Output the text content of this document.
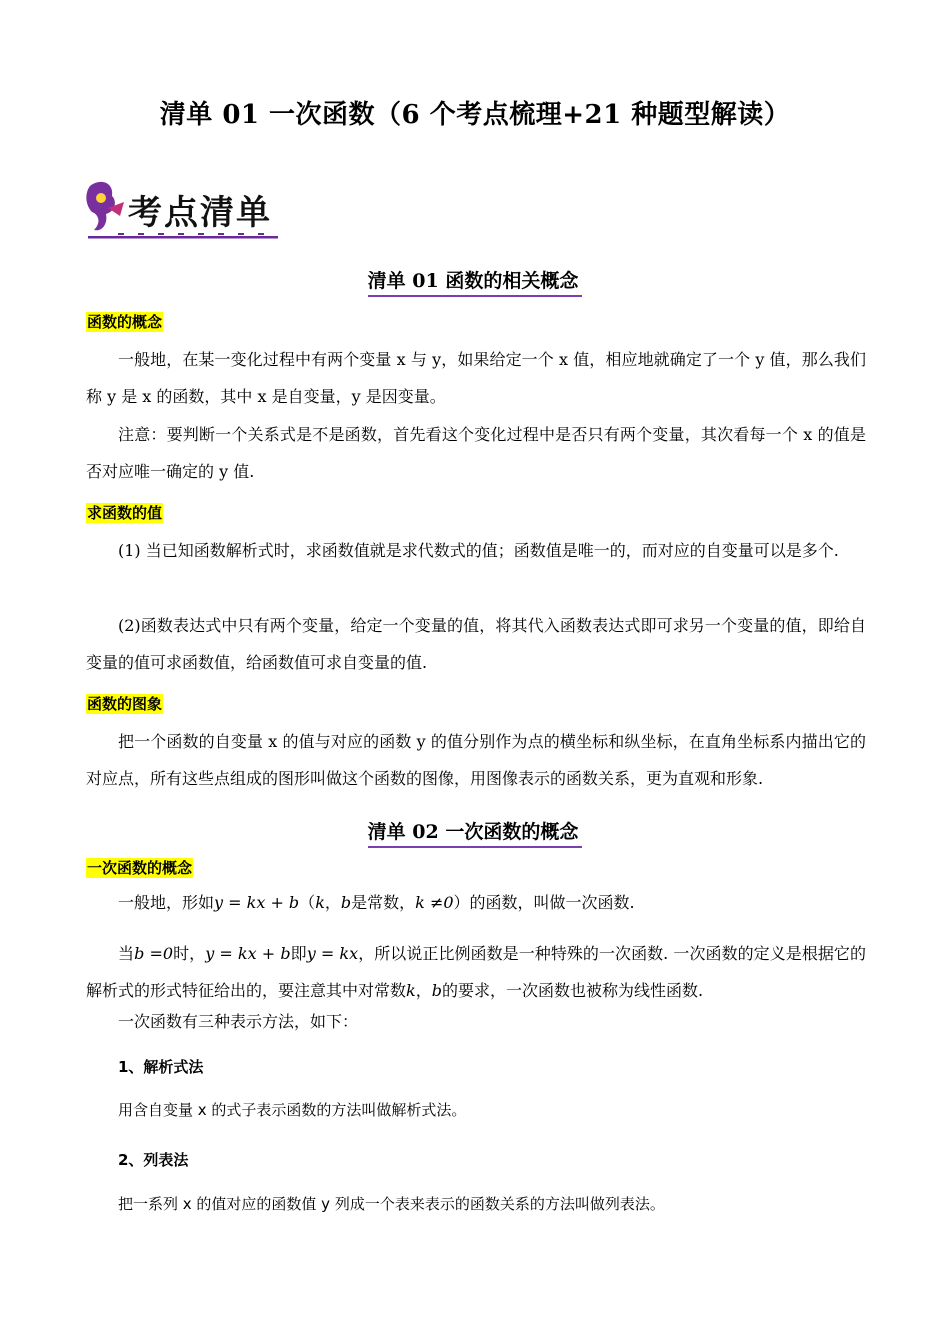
清单 01 一次函数（6 个考点梳理+21 种题型解读）
考点清单
清单 01 函数的相关概念
函数的概念
一般地，在某一变化过程中有两个变量 x 与 y，如果给定一个 x 值，相应地就确定了一个 y 值，那么我们称 y 是 x 的函数，其中 x 是自变量，y 是因变量。
注意：要判断一个关系式是不是函数，首先看这个变化过程中是否只有两个变量，其次看每一个 x 的值是否对应唯一确定的 y 值.
求函数的值
(1) 当已知函数解析式时，求函数值就是求代数式的值；函数值是唯一的，而对应的自变量可以是多个.
(2)函数表达式中只有两个变量，给定一个变量的值，将其代入函数表达式即可求另一个变量的值，即给自变量的值可求函数值，给函数值可求自变量的值.
函数的图象
把一个函数的自变量 x 的值与对应的函数 y 的值分别作为点的横坐标和纵坐标，在直角坐标系内描出它的对应点，所有这些点组成的图形叫做这个函数的图像，用图像表示的函数关系，更为直观和形象.
清单 02 一次函数的概念
一次函数的概念
一般地，形如y = kx + b（k，b是常数，k ≠0）的函数，叫做一次函数.
当b =0时，y = kx + b即y = kx，所以说正比例函数是一种特殊的一次函数. 一次函数的定义是根据它的解析式的形式特征给出的，要注意其中对常数k，b的要求，一次函数也被称为线性函数.
一次函数有三种表示方法，如下：
1、解析式法
用含自变量 x 的式子表示函数的方法叫做解析式法。
2、列表法
把一系列 x 的值对应的函数值 y 列成一个表来表示的函数关系的方法叫做列表法。
